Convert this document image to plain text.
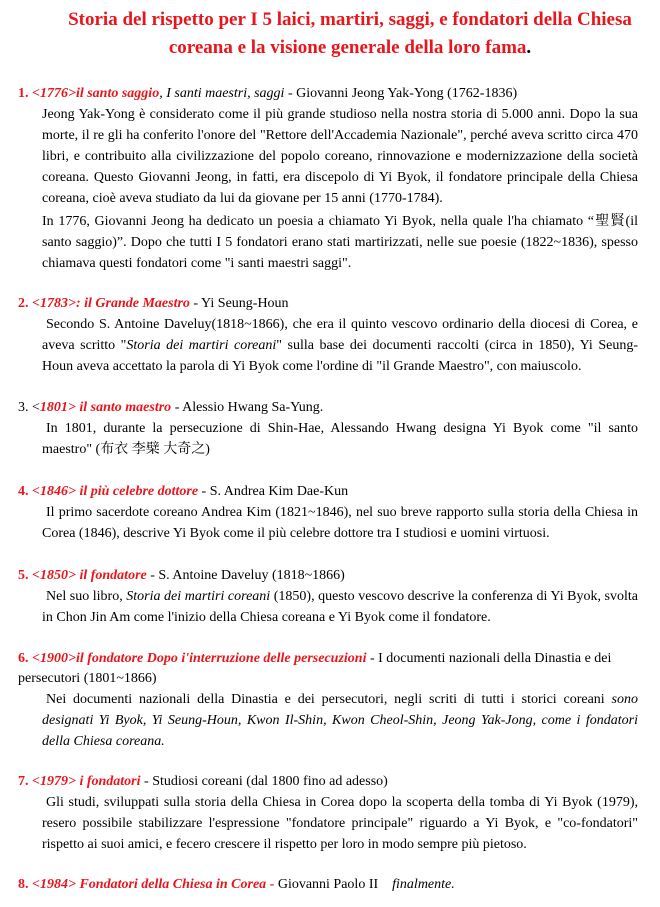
Storia del rispetto per I 5 laici, martiri, saggi, e fondatori della Chiesa
coreana e la visione generale della loro fama.
1. <1776>il santo saggio, I santi maestri, saggi - Giovanni Jeong Yak-Yong (1762-1836)

Jeong Yak-Yong è considerato come il più grande studioso nella nostra storia di 5.000 anni. Dopo la sua morte, il re gli ha conferito l'onore del "Rettore dell'Accademia Nazionale", perché aveva scritto circa 470 libri, e contribuito alla civilizzazione del popolo coreano, rinnovazione e modernizzazione della società coreana. Questo Giovanni Jeong, in fatti, era discepolo di Yi Byok, il fondatore principale della Chiesa coreana, cioè aveva studiato da lui da giovane per 15 anni (1770-1784).

In 1776, Giovanni Jeong ha dedicato un poesia a chiamato Yi Byok, nella quale l'ha chiamato “聖賢(il santo saggio)”. Dopo che tutti I 5 fondatori erano stati martirizzati, nelle sue poesie (1822~1836), spesso chiamava questi fondatori come "i santi maestri saggi".

2. <1783>: il Grande Maestro - Yi Seung-Houn

Secondo S. Antoine Daveluy(1818~1866), che era il quinto vescovo ordinario della diocesi di Corea, e aveva scritto "Storia dei martiri coreani" sulla base dei documenti raccolti (circa in 1850), Yi Seung-Houn aveva accettato la parola di Yi Byok come l'ordine di "il Grande Maestro", con maiuscolo.

3. <1801> il santo maestro - Alessio Hwang Sa-Yung.

In 1801, durante la persecuzione di Shin-Hae, Alessando Hwang designa Yi Byok come "il santo maestro" (布衣 李檗 大奇之)

4. <1846> il più celebre dottore - S. Andrea Kim Dae-Kun

Il primo sacerdote coreano Andrea Kim (1821~1846), nel suo breve rapporto sulla storia della Chiesa in Corea (1846), descrive Yi Byok come il più celebre dottore tra I studiosi e uomini virtuosi.

5. <1850> il fondatore - S. Antoine Daveluy (1818~1866)

Nel suo libro, Storia dei martiri coreani (1850), questo vescovo descrive la conferenza di Yi Byok, svolta in Chon Jin Am come l'inizio della Chiesa coreana e Yi Byok come il fondatore.

6. <1900>il fondatore Dopo i'interruzione delle persecuzioni - I documenti nazionali della Dinastia e dei persecutori (1801~1866)

Nei documenti nazionali della Dinastia e dei persecutori, negli scriti di tutti i storici coreani sono designati Yi Byok, Yi Seung-Houn, Kwon Il-Shin, Kwon Cheol-Shin, Jeong Yak-Jong, come i fondatori della Chiesa coreana.

7. <1979> i fondatori - Studiosi coreani (dal 1800 fino ad adesso)

Gli studi, sviluppati sulla storia della Chiesa in Corea dopo la scoperta della tomba di Yi Byok (1979), resero possibile stabilizzare l'espressione "fondatore principale" riguardo a Yi Byok, e "co-fondatori" rispetto ai suoi amici, e fecero crescere il rispetto per loro in modo sempre più pietoso.

8. <1984> Fondatori della Chiesa in Corea - Giovanni Paolo II finalmente.
